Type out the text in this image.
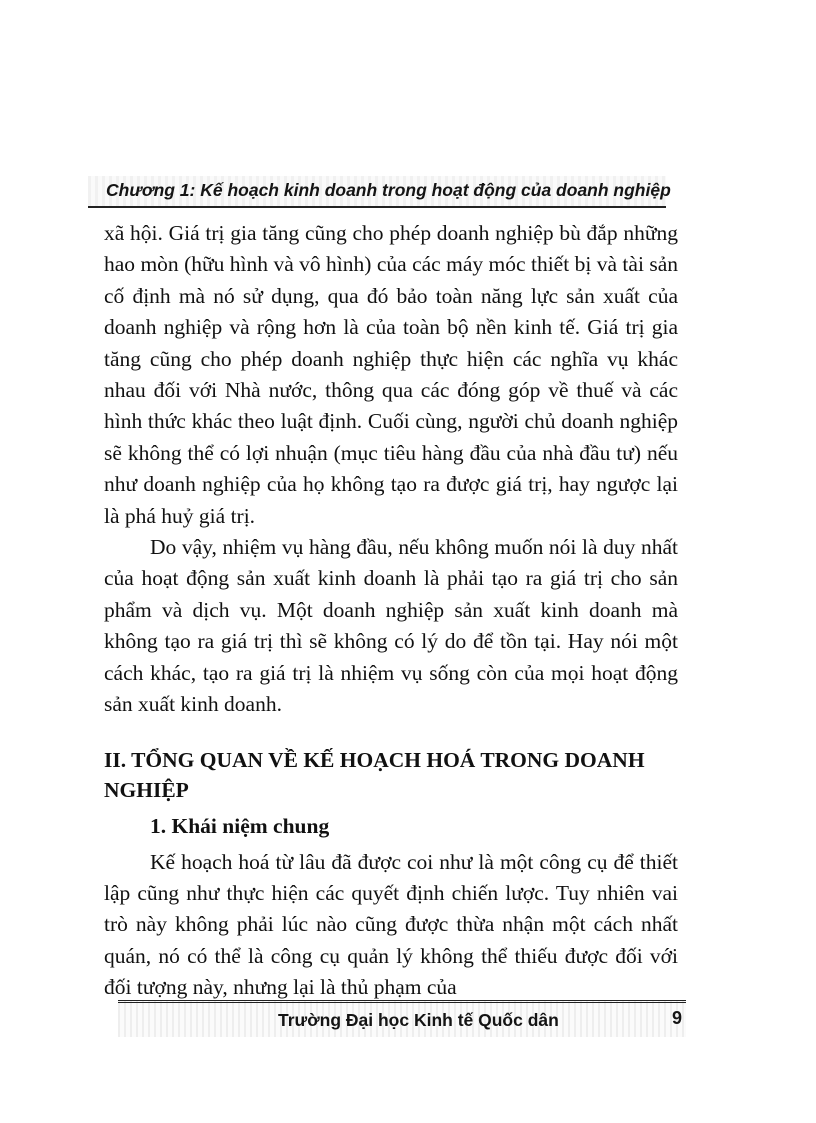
Chương 1: Kế hoạch kinh doanh trong hoạt động của doanh nghiệp

xã hội. Giá trị gia tăng cũng cho phép doanh nghiệp bù đắp những hao mòn (hữu hình và vô hình) của các máy móc thiết bị và tài sản cố định mà nó sử dụng, qua đó bảo toàn năng lực sản xuất của doanh nghiệp và rộng hơn là của toàn bộ nền kinh tế. Giá trị gia tăng cũng cho phép doanh nghiệp thực hiện các nghĩa vụ khác nhau đối với Nhà nước, thông qua các đóng góp về thuế và các hình thức khác theo luật định. Cuối cùng, người chủ doanh nghiệp sẽ không thể có lợi nhuận (mục tiêu hàng đầu của nhà đầu tư) nếu như doanh nghiệp của họ không tạo ra được giá trị, hay ngược lại là phá huỷ giá trị.

Do vậy, nhiệm vụ hàng đầu, nếu không muốn nói là duy nhất của hoạt động sản xuất kinh doanh là phải tạo ra giá trị cho sản phẩm và dịch vụ. Một doanh nghiệp sản xuất kinh doanh mà không tạo ra giá trị thì sẽ không có lý do để tồn tại. Hay nói một cách khác, tạo ra giá trị là nhiệm vụ sống còn của mọi hoạt động sản xuất kinh doanh.

II. TỔNG QUAN VỀ KẾ HOẠCH HOÁ TRONG DOANH NGHIỆP
1. Khái niệm chung

Kế hoạch hoá từ lâu đã được coi như là một công cụ để thiết lập cũng như thực hiện các quyết định chiến lược. Tuy nhiên vai trò này không phải lúc nào cũng được thừa nhận một cách nhất quán, nó có thể là công cụ quản lý không thể thiếu được đối với đối tượng này, nhưng lại là thủ phạm của

Trường Đại học Kinh tế Quốc dân	9
